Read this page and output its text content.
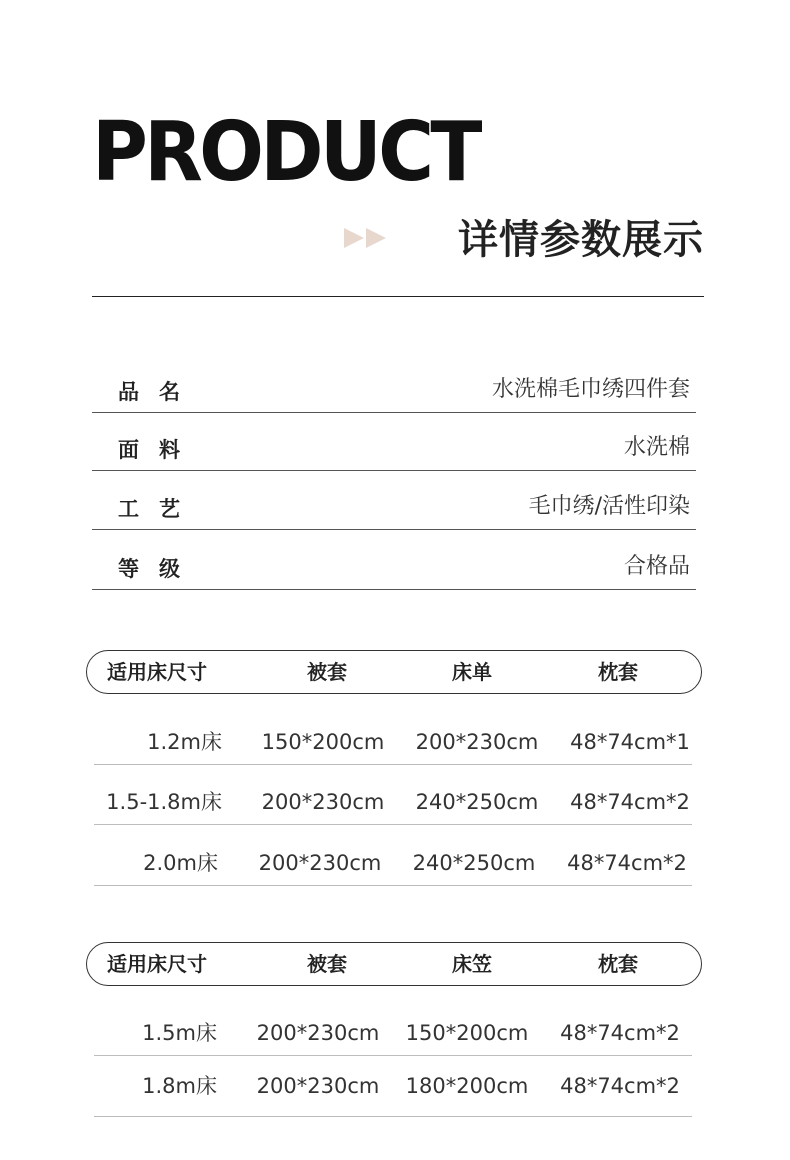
PRODUCT
详情参数展示
品名	水洗棉毛巾绣四件套
面料	水洗棉
工艺	毛巾绣/活性印染
等级	合格品
适用床尺寸	被套	床单	枕套
1.2m床 150*200cm 200*230cm 48*74cm*1
1.5-1.8m床 200*230cm 240*250cm 48*74cm*2
2.0m床 200*230cm 240*250cm 48*74cm*2
适用床尺寸	被套	床笠	枕套
1.5m床 200*230cm 150*200cm 48*74cm*2
1.8m床 200*230cm 180*200cm 48*74cm*2
